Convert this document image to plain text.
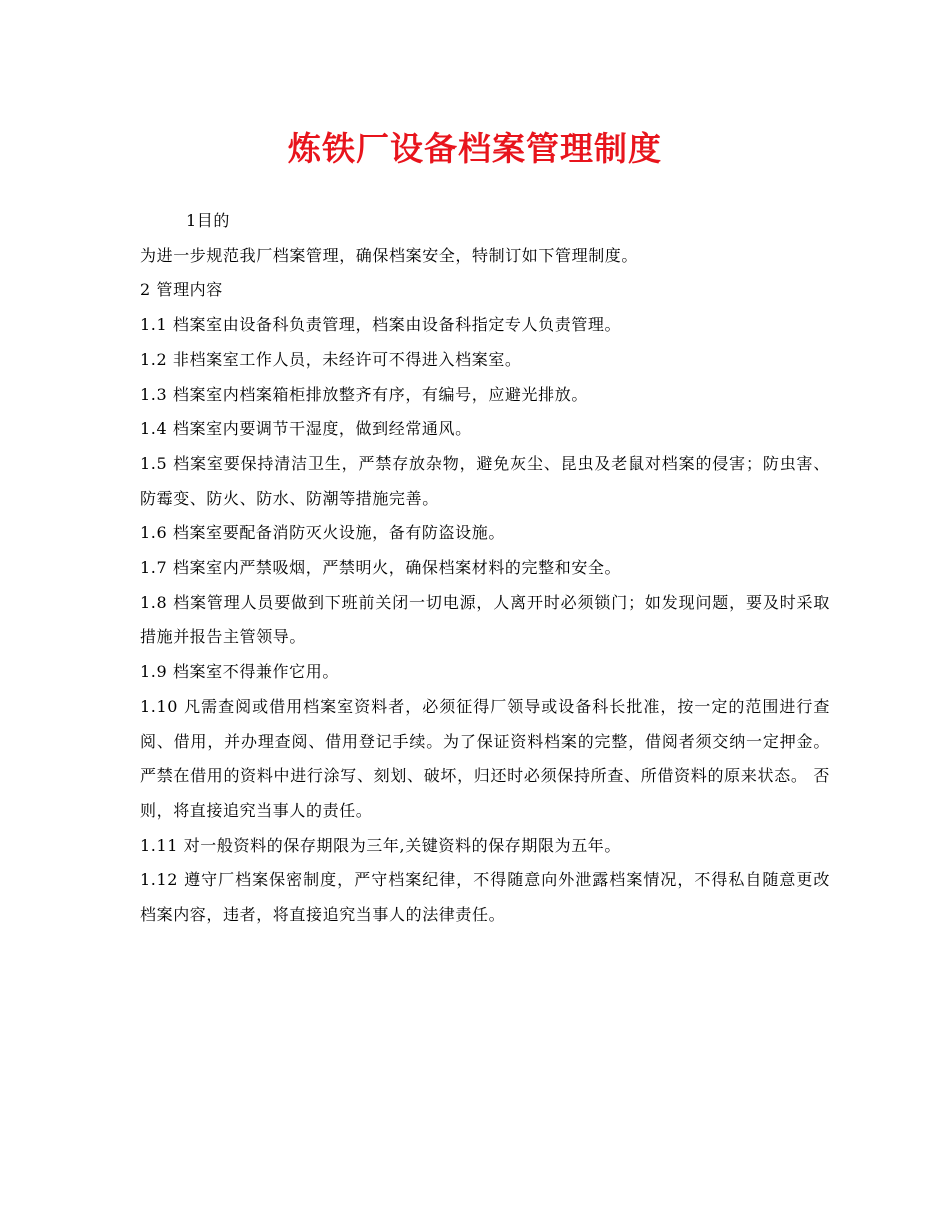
炼铁厂设备档案管理制度

1目的

为进一步规范我厂档案管理，确保档案安全，特制订如下管理制度。

2 管理内容

1.1 档案室由设备科负责管理，档案由设备科指定专人负责管理。

1.2 非档案室工作人员，未经许可不得进入档案室。

1.3 档案室内档案箱柜排放整齐有序，有编号，应避光排放。

1.4 档案室内要调节干湿度，做到经常通风。

1.5 档案室要保持清洁卫生，严禁存放杂物，避免灰尘、昆虫及老鼠对档案的侵害；防虫害、防霉变、防火、防水、防潮等措施完善。

1.6 档案室要配备消防灭火设施，备有防盗设施。

1.7 档案室内严禁吸烟，严禁明火，确保档案材料的完整和安全。

1.8 档案管理人员要做到下班前关闭一切电源，人离开时必须锁门；如发现问题，要及时采取措施并报告主管领导。

1.9 档案室不得兼作它用。

1.10 凡需查阅或借用档案室资料者，必须征得厂领导或设备科长批准，按一定的范围进行查阅、借用，并办理查阅、借用登记手续。为了保证资料档案的完整，借阅者须交纳一定押金。严禁在借用的资料中进行涂写、刻划、破坏，归还时必须保持所查、所借资料的原来状态。 否则，将直接追究当事人的责任。

1.11 对一般资料的保存期限为三年,关键资料的保存期限为五年。

1.12 遵守厂档案保密制度，严守档案纪律，不得随意向外泄露档案情况，不得私自随意更改档案内容，违者，将直接追究当事人的法律责任。
